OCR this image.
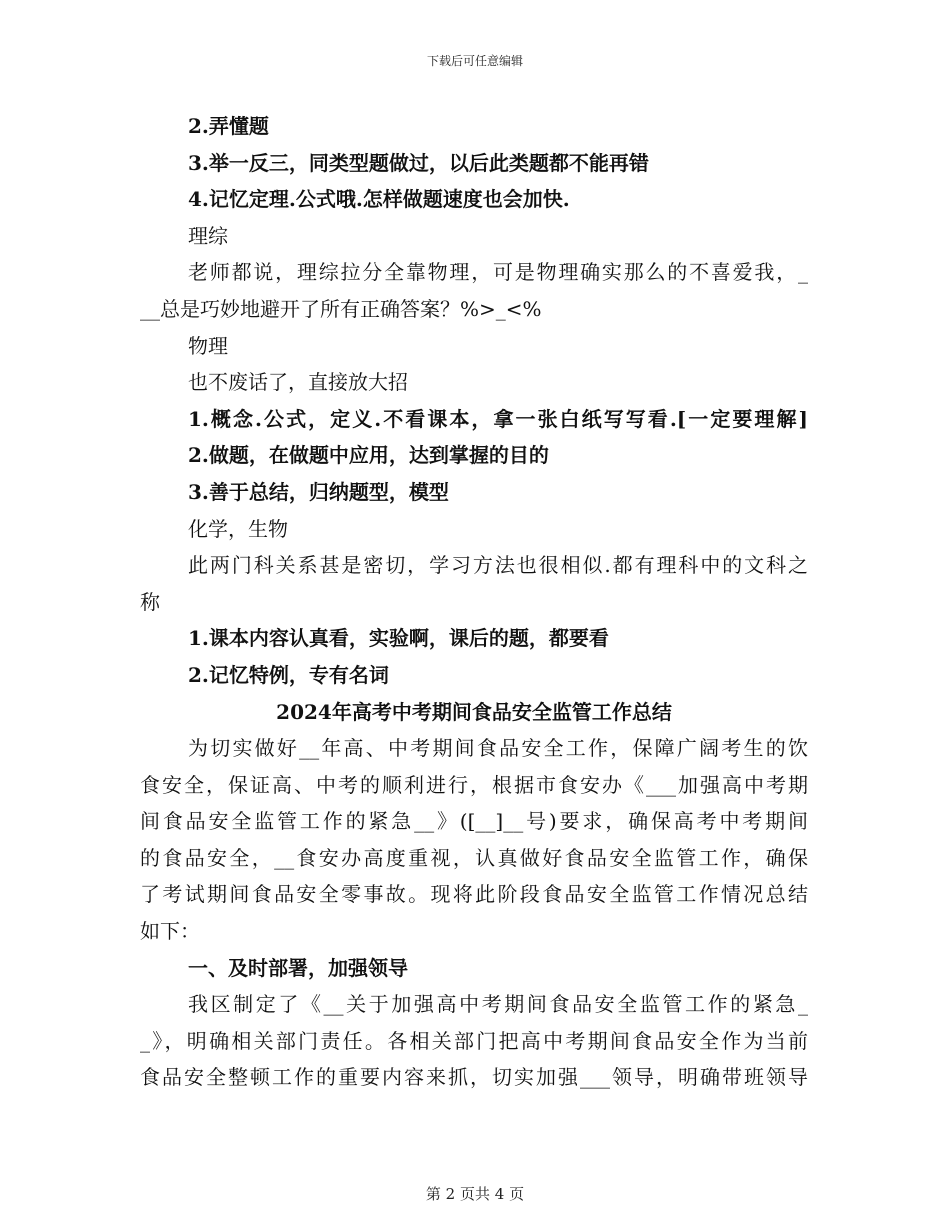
下载后可任意编辑
2.弄懂题
3.举一反三，同类型题做过，以后此类题都不能再错
4.记忆定理.公式哦.怎样做题速度也会加快.
理综
老师都说，理综拉分全靠物理，可是物理确实那么的不喜爱我，_
__总是巧妙地避开了所有正确答案？%>_<%
物理
也不废话了，直接放大招
1.概念.公式，定义.不看课本，拿一张白纸写写看.[一定要理解]
2.做题，在做题中应用，达到掌握的目的
3.善于总结，归纳题型，模型
化学，生物
此两门科关系甚是密切，学习方法也很相似.都有理科中的文科之
称
1.课本内容认真看，实验啊，课后的题，都要看
2.记忆特例，专有名词
2024年高考中考期间食品安全监管工作总结
为切实做好__年高、中考期间食品安全工作，保障广阔考生的饮
食安全，保证高、中考的顺利进行，根据市食安办《___加强高中考期
间食品安全监管工作的紧急__》([__]__号)要求，确保高考中考期间
的食品安全，__食安办高度重视，认真做好食品安全监管工作，确保
了考试期间食品安全零事故。现将此阶段食品安全监管工作情况总结
如下：
一、及时部署，加强领导
我区制定了《__关于加强高中考期间食品安全监管工作的紧急_
_》，明确相关部门责任。各相关部门把高中考期间食品安全作为当前
食品安全整顿工作的重要内容来抓，切实加强___领导，明确带班领导
第 2 页共 4 页
